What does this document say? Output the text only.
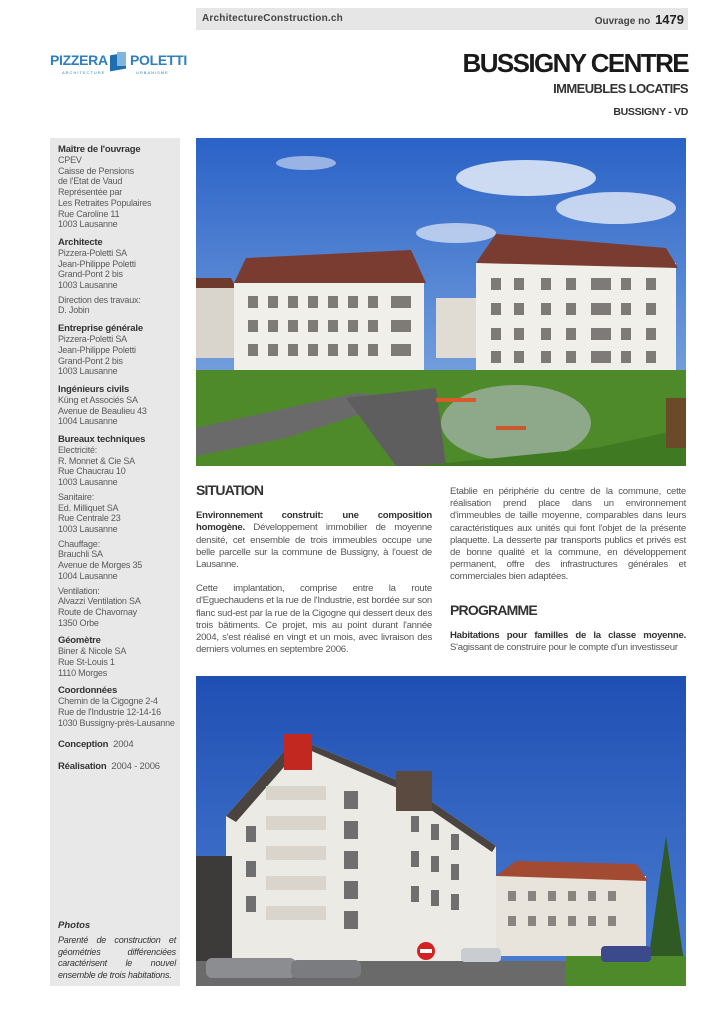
ArchitectureConstruction.ch	Ouvrage no 1479
PIZZERA POLETTI
ARCHITECTURE	URBANISME	BUSSIGNY CENTRE
IMMEUBLES LOCATIFS
BUSSIGNY - VD
Maître de l'ouvrage
CPEV
Caisse de Pensions
de l'Etat de Vaud
Représentée par
Les Retraites Populaires
Rue Caroline 11
1003 Lausanne
Architecte
Pizzera-Poletti SA
Jean-Philippe Poletti
Grand-Pont 2 bis
1003 Lausanne
Direction des travaux:
D. Jobin
Entreprise générale
Pizzera-Poletti SA
Jean-Philippe Poletti
Grand-Pont 2 bis
1003 Lausanne
Ingénieurs civils
Küng et Associés SA
Avenue de Beaulieu 43
1004 Lausanne
Bureaux techniques
Electricité:
R. Monnet & Cie SA
Rue Chaucrau 10
1003 Lausanne
Sanitaire:
Ed. Milliquet SA
Rue Centrale 23
1003 Lausanne
Chauffage:
Brauchli SA
Avenue de Morges 35
1004 Lausanne
Ventilation:
Alvazzi Ventilation SA
Route de Chavornay
1350 Orbe
Géomètre
Biner & Nicole SA
Rue St-Louis 1
1110 Morges
Coordonnées
Chemin de la Cigogne 2-4
Rue de l'Industrie 12-14-16
1030 Bussigny-près-Lausanne
Conception 2004
Réalisation 2004 - 2006
Photos
Parenté de construction et géométries différenciées caractérisent le nouvel ensemble de trois habitations.
SITUATION

Environnement construit: une composition homogène. Développement immobilier de moyenne densité, cet ensemble de trois immeubles occupe une belle parcelle sur la commune de Bussigny, à l'ouest de Lausanne.

Cette implantation, comprise entre la route d'Eguechaudens et la rue de l'Industrie, est bordée sur son flanc sud-est par la rue de la Cigogne qui dessert deux des trois bâtiments. Ce projet, mis au point durant l'année 2004, s'est réalisé en vingt et un mois, avec livraison des derniers volumes en septembre 2006.

Etablie en périphérie du centre de la commune, cette réalisation prend place dans un environnement d'immeubles de taille moyenne, comparables dans leurs caractéristiques aux unités qui font l'objet de la présente plaquette. La desserte par transports publics et privés est de bonne qualité et la commune, en développement permanent, offre des infrastructures générales et commerciales bien adaptées.

PROGRAMME

Habitations pour familles de la classe moyenne. S'agissant de construire pour le compte d'un investisseur
